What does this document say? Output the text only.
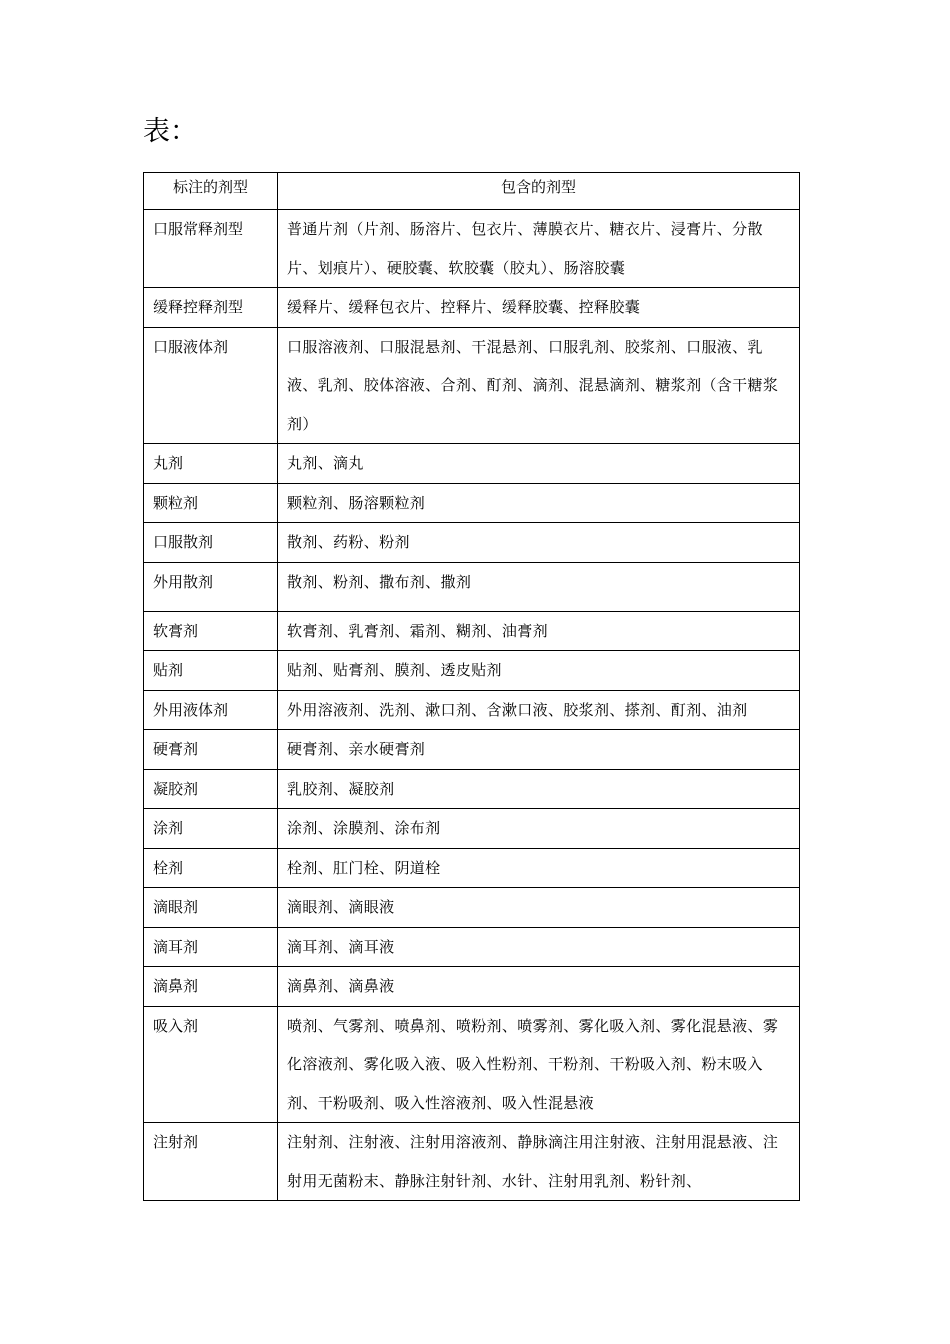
表：
标注的剂型	包含的剂型
口服常释剂型	普通片剂（片剂、肠溶片、包衣片、薄膜衣片、糖衣片、浸膏片、分散片、划痕片）、硬胶囊、软胶囊（胶丸）、肠溶胶囊
缓释控释剂型	缓释片、缓释包衣片、控释片、缓释胶囊、控释胶囊
口服液体剂	口服溶液剂、口服混悬剂、干混悬剂、口服乳剂、胶浆剂、口服液、乳液、乳剂、胶体溶液、合剂、酊剂、滴剂、混悬滴剂、糖浆剂（含干糖浆剂）
丸剂	丸剂、滴丸
颗粒剂	颗粒剂、肠溶颗粒剂
口服散剂	散剂、药粉、粉剂
外用散剂	散剂、粉剂、撒布剂、撒剂
软膏剂	软膏剂、乳膏剂、霜剂、糊剂、油膏剂
贴剂	贴剂、贴膏剂、膜剂、透皮贴剂
外用液体剂	外用溶液剂、洗剂、漱口剂、含漱口液、胶浆剂、搽剂、酊剂、油剂
硬膏剂	硬膏剂、亲水硬膏剂
凝胶剂	乳胶剂、凝胶剂
涂剂	涂剂、涂膜剂、涂布剂
栓剂	栓剂、肛门栓、阴道栓
滴眼剂	滴眼剂、滴眼液
滴耳剂	滴耳剂、滴耳液
滴鼻剂	滴鼻剂、滴鼻液
吸入剂	喷剂、气雾剂、喷鼻剂、喷粉剂、喷雾剂、雾化吸入剂、雾化混悬液、雾化溶液剂、雾化吸入液、吸入性粉剂、干粉剂、干粉吸入剂、粉末吸入剂、干粉吸剂、吸入性溶液剂、吸入性混悬液
注射剂	注射剂、注射液、注射用溶液剂、静脉滴注用注射液、注射用混悬液、注射用无菌粉末、静脉注射针剂、水针、注射用乳剂、粉针剂、
